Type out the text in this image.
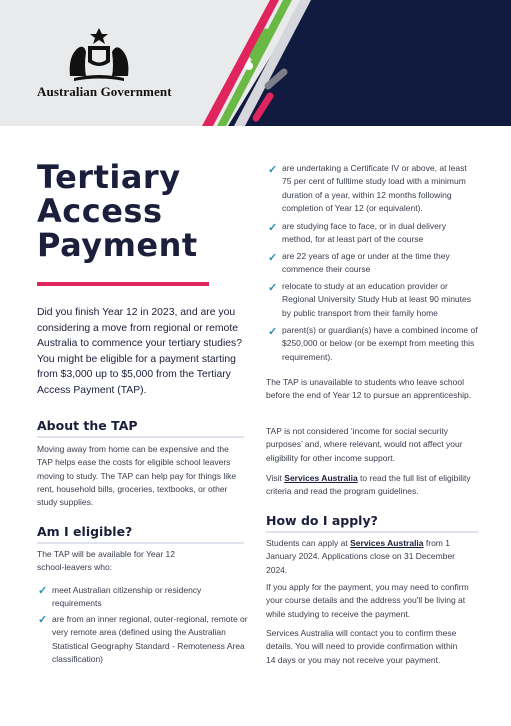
Australian Government
Tertiary
Access
Payment
Did you finish Year 12 in 2023, and are you considering a move from regional or remote Australia to commence your tertiary studies? You might be eligible for a payment starting from $3,000 up to $5,000 from the Tertiary Access Payment (TAP).
About the TAP
Moving away from home can be expensive and the TAP helps ease the costs for eligible school leavers moving to study. The TAP can help pay for things like rent, household bills, groceries, textbooks, or other study supplies.
Am I eligible?
The TAP will be available for Year 12 school-leavers who:
✓ meet Australian citizenship or residency requirements
✓ are from an inner regional, outer-regional, remote or very remote area (defined using the Australian Statistical Geography Standard - Remoteness Area classification)
✓ are undertaking a Certificate IV or above, at least 75 per cent of fulltime study load with a minimum duration of a year, within 12 months following completion of Year 12 (or equivalent).
✓ are studying face to face, or in dual delivery method, for at least part of the course
✓ are 22 years of age or under at the time they commence their course
✓ relocate to study at an education provider or Regional University Study Hub at least 90 minutes by public transport from their family home
✓ parent(s) or guardian(s) have a combined income of $250,000 or below (or be exempt from meeting this requirement).
The TAP is unavailable to students who leave school before the end of Year 12 to pursue an apprenticeship.
TAP is not considered ‘income for social security purposes’ and, where relevant, would not affect your eligibility for other income support.
Visit Services Australia to read the full list of eligibility criteria and read the program guidelines.
How do I apply?
Students can apply at Services Australia from 1 January 2024. Applications close on 31 December 2024.
If you apply for the payment, you may need to confirm your course details and the address you'll be living at while studying to receive the payment.
Services Australia will contact you to confirm these details. You will need to provide confirmation within 14 days or you may not receive your payment.
